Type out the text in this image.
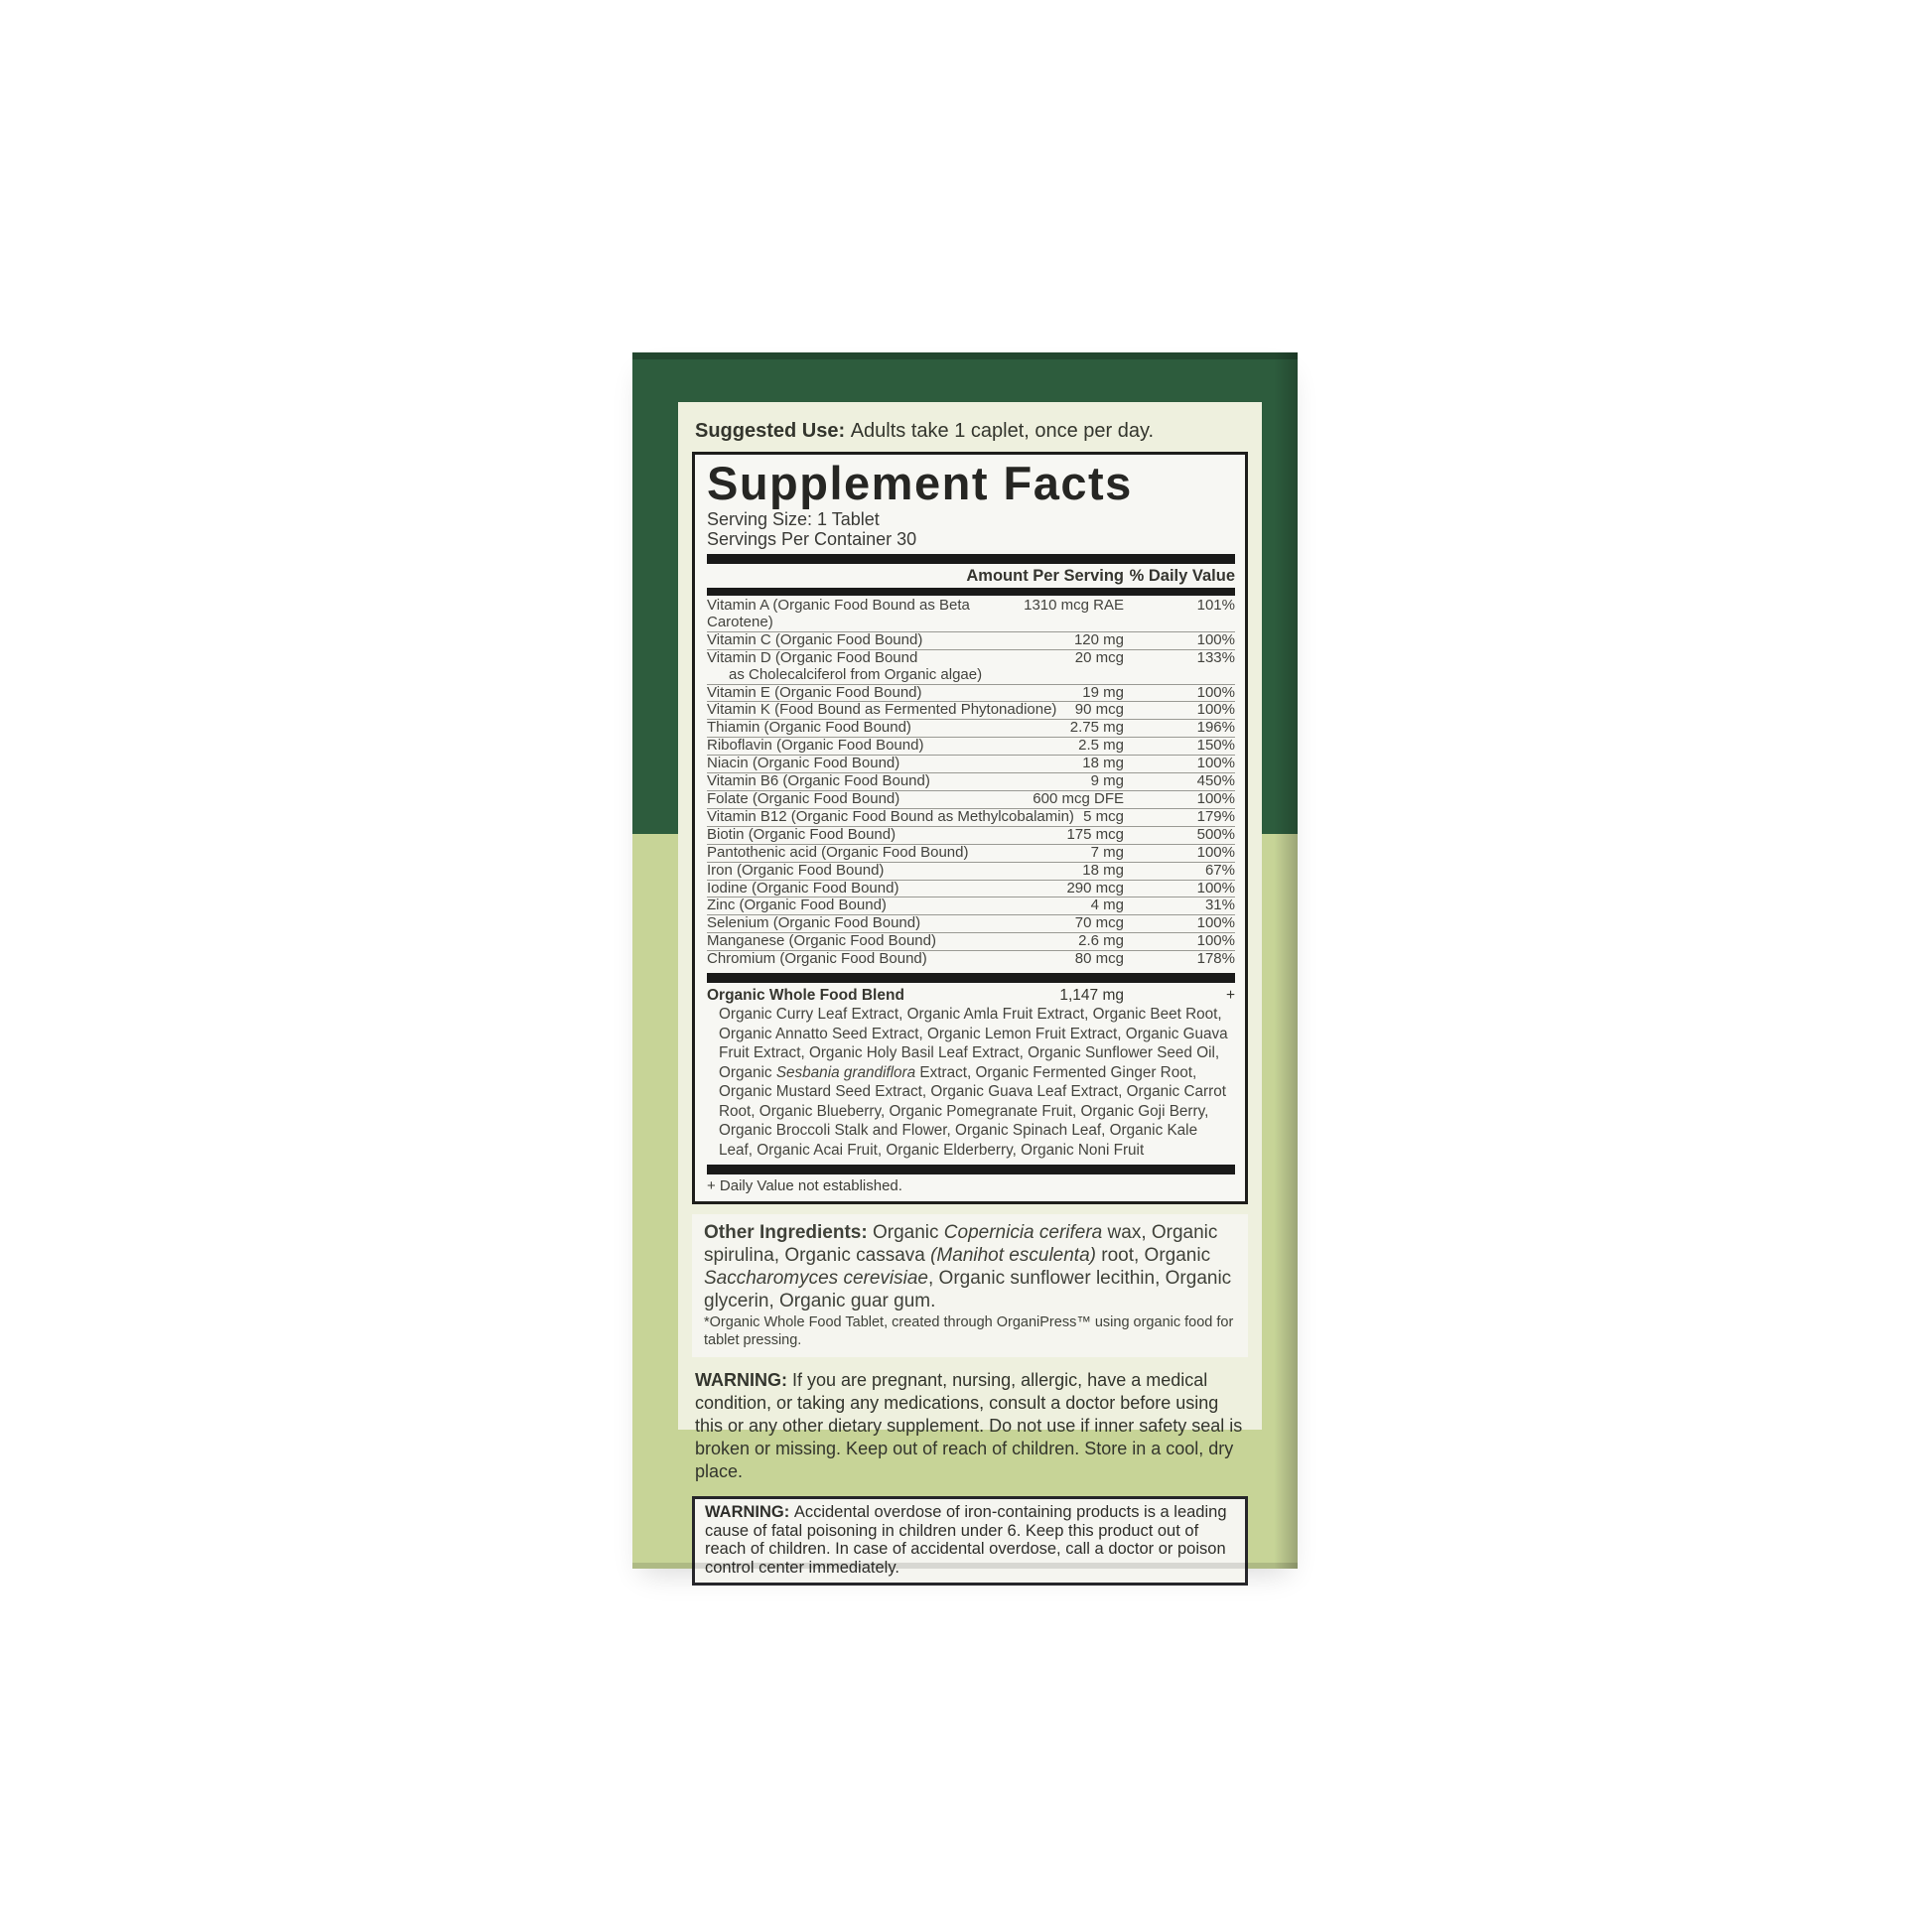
Suggested Use: Adults take 1 caplet, once per day.
Supplement Facts
Serving Size: 1 Tablet
Servings Per Container 30
Amount Per Serving % Daily Value
Vitamin A (Organic Food Bound as Beta Carotene)
1310 mcg RAE	101%
Vitamin C (Organic Food Bound)	120 mg	100%
Vitamin D (Organic Food Bound
as Cholecalciferol from Organic algae)
20 mcg	133%
Vitamin E (Organic Food Bound)	19 mg	100%
Vitamin K (Food Bound as Fermented Phytonadione)	90 mcg	100%
Thiamin (Organic Food Bound)	2.75 mg	196%
Riboflavin (Organic Food Bound)	2.5 mg	150%
Niacin (Organic Food Bound)	18 mg	100%
Vitamin B6 (Organic Food Bound)	9 mg	450%
Folate (Organic Food Bound)	600 mcg DFE	100%
Vitamin B12 (Organic Food Bound as Methylcobalamin) 5 mcg	179%
Biotin (Organic Food Bound)	175 mcg	500%
Pantothenic acid (Organic Food Bound)	7 mg	100%
Iron (Organic Food Bound)	18 mg	67%
Iodine (Organic Food Bound)	290 mcg	100%
Zinc (Organic Food Bound)	4 mg	31%
Selenium (Organic Food Bound)	70 mcg	100%
Manganese (Organic Food Bound)	2.6 mg	100%
Chromium (Organic Food Bound)	80 mcg	178%
Organic Whole Food Blend	1,147 mg	+
Organic Curry Leaf Extract, Organic Amla Fruit Extract, Organic Beet Root, Organic Annatto Seed Extract, Organic Lemon Fruit Extract, Organic Guava Fruit Extract, Organic Holy Basil Leaf Extract, Organic Sunflower Seed Oil, Organic Sesbania grandiflora Extract, Organic Fermented Ginger Root, Organic Mustard Seed Extract, Organic Guava Leaf Extract, Organic Carrot Root, Organic Blueberry, Organic Pomegranate Fruit, Organic Goji Berry, Organic Broccoli Stalk and Flower, Organic Spinach Leaf, Organic Kale Leaf, Organic Acai Fruit, Organic Elderberry, Organic Noni Fruit
+ Daily Value not established.
Other Ingredients: Organic Copernicia cerifera wax, Organic spirulina, Organic cassava (Manihot esculenta) root, Organic Saccharomyces cerevisiae, Organic sunflower lecithin, Organic glycerin, Organic guar gum.
*Organic Whole Food Tablet, created through OrganiPress™ using organic food for tablet pressing.
WARNING: If you are pregnant, nursing, allergic, have a medical condition, or taking any medications, consult a doctor before using this or any other dietary supplement. Do not use if inner safety seal is broken or missing. Keep out of reach of children. Store in a cool, dry place.
WARNING: Accidental overdose of iron-containing products is a leading cause of fatal poisoning in children under 6. Keep this product out of reach of children. In case of accidental overdose, call a doctor or poison control center immediately.
